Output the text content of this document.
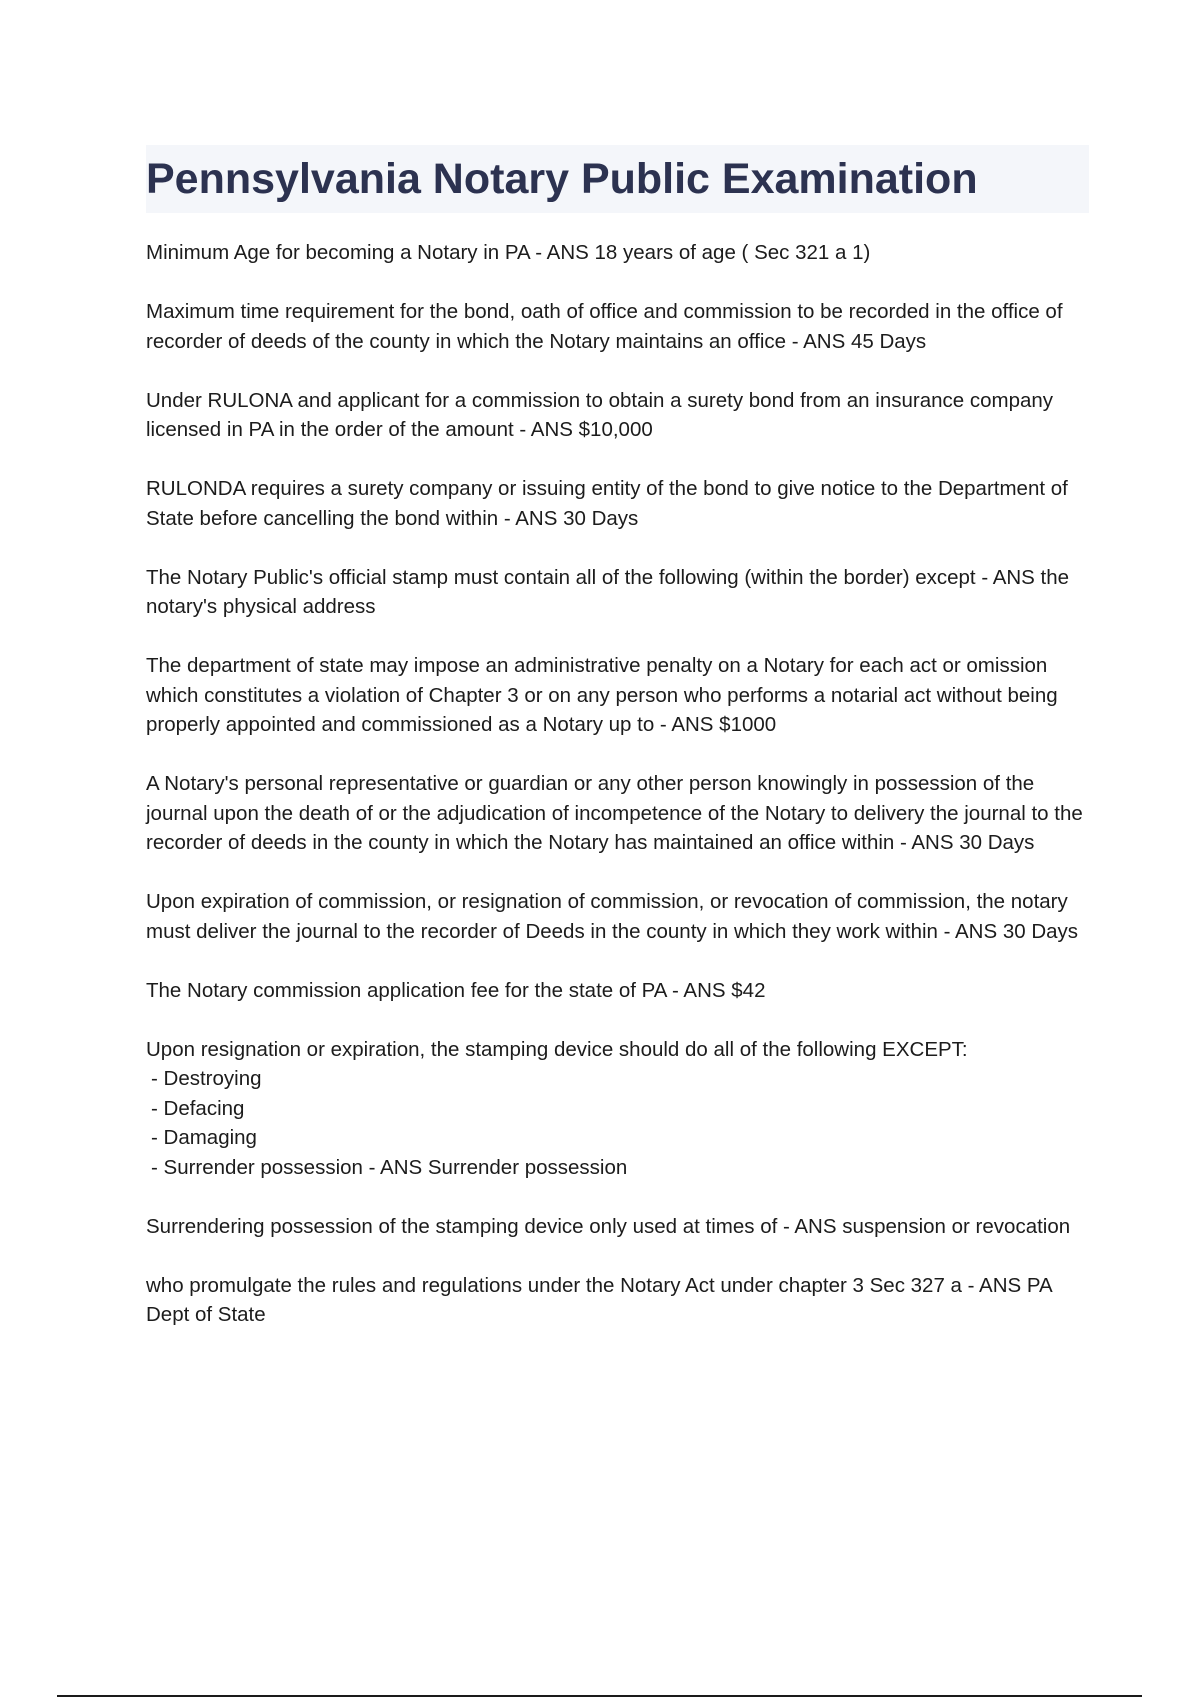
Pennsylvania Notary Public Examination

Minimum Age for becoming a Notary in PA - ANS 18 years of age ( Sec 321 a 1)

Maximum time requirement for the bond, oath of office and commission to be recorded in the office of recorder of deeds of the county in which the Notary maintains an office - ANS 45 Days

Under RULONA and applicant for a commission to obtain a surety bond from an insurance company licensed in PA in the order of the amount - ANS $10,000

RULONDA requires a surety company or issuing entity of the bond to give notice to the Department of State before cancelling the bond within - ANS 30 Days

The Notary Public's official stamp must contain all of the following (within the border) except - ANS the notary's physical address

The department of state may impose an administrative penalty on a Notary for each act or omission which constitutes a violation of Chapter 3 or on any person who performs a notarial act without being properly appointed and commissioned as a Notary up to - ANS $1000

A Notary's personal representative or guardian or any other person knowingly in possession of the journal upon the death of or the adjudication of incompetence of the Notary to delivery the journal to the recorder of deeds in the county in which the Notary has maintained an office within - ANS 30 Days

Upon expiration of commission, or resignation of commission, or revocation of commission, the notary must deliver the journal to the recorder of Deeds in the county in which they work within - ANS 30 Days

The Notary commission application fee for the state of PA - ANS $42

Upon resignation or expiration, the stamping device should do all of the following EXCEPT:
- Destroying
- Defacing
- Damaging
- Surrender possession - ANS Surrender possession

Surrendering possession of the stamping device only used at times of - ANS suspension or revocation

who promulgate the rules and regulations under the Notary Act under chapter 3 Sec 327 a - ANS PA Dept of State
